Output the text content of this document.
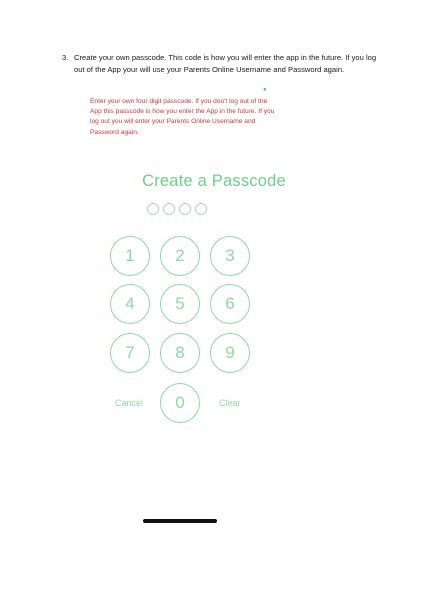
3. Create your own passcode. This code is how you will enter the app in the future. If you log out of the App your will use your Parents Online Username and Password again.
●
Enter your own four digit passcode. If you don't log out of the App this passcode is how you enter the App in the future. If you log out you will enter your Parents Online Username and Password again.
Create a Passcode
1	2	3
4	5	6
7	8	9
Cancel	0	Clear
